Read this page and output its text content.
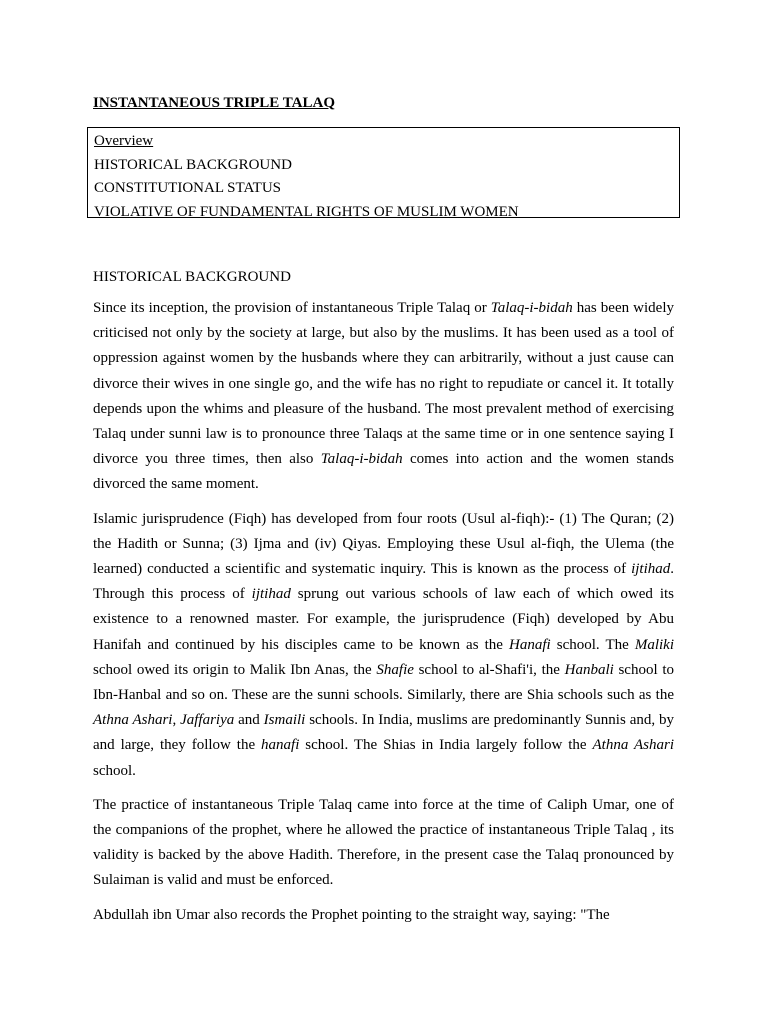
INSTANTANEOUS TRIPLE TALAQ
Overview
HISTORICAL BACKGROUND
CONSTITUTIONAL STATUS
VIOLATIVE OF FUNDAMENTAL RIGHTS OF MUSLIM WOMEN
HISTORICAL BACKGROUND

Since its inception, the provision of instantaneous Triple Talaq or Talaq-i-bidah has been widely criticised not only by the society at large, but also by the muslims. It has been used as a tool of oppression against women by the husbands where they can arbitrarily, without a just cause can divorce their wives in one single go, and the wife has no right to repudiate or cancel it. It totally depends upon the whims and pleasure of the husband. The most prevalent method of exercising Talaq under sunni law is to pronounce three Talaqs at the same time or in one sentence saying I divorce you three times, then also Talaq-i-bidah comes into action and the women stands divorced the same moment.

Islamic jurisprudence (Fiqh) has developed from four roots (Usul al-fiqh):- (1) The Quran; (2) the Hadith or Sunna; (3) Ijma and (iv) Qiyas. Employing these Usul al-fiqh, the Ulema (the learned) conducted a scientific and systematic inquiry. This is known as the process of ijtihad. Through this process of ijtihad sprung out various schools of law each of which owed its existence to a renowned master. For example, the jurisprudence (Fiqh) developed by Abu Hanifah and continued by his disciples came to be known as the Hanafi school. The Maliki school owed its origin to Malik Ibn Anas, the Shafie school to al-Shafi'i, the Hanbali school to Ibn-Hanbal and so on. These are the sunni schools. Similarly, there are Shia schools such as the Athna Ashari, Jaffariya and Ismaili schools. In India, muslims are predominantly Sunnis and, by and large, they follow the hanafi school. The Shias in India largely follow the Athna Ashari school.

The practice of instantaneous Triple Talaq came into force at the time of Caliph Umar, one of the companions of the prophet, where he allowed the practice of instantaneous Triple Talaq , its validity is backed by the above Hadith. Therefore, in the present case the Talaq pronounced by Sulaiman is valid and must be enforced.

Abdullah ibn Umar also records the Prophet pointing to the straight way, saying: "The
